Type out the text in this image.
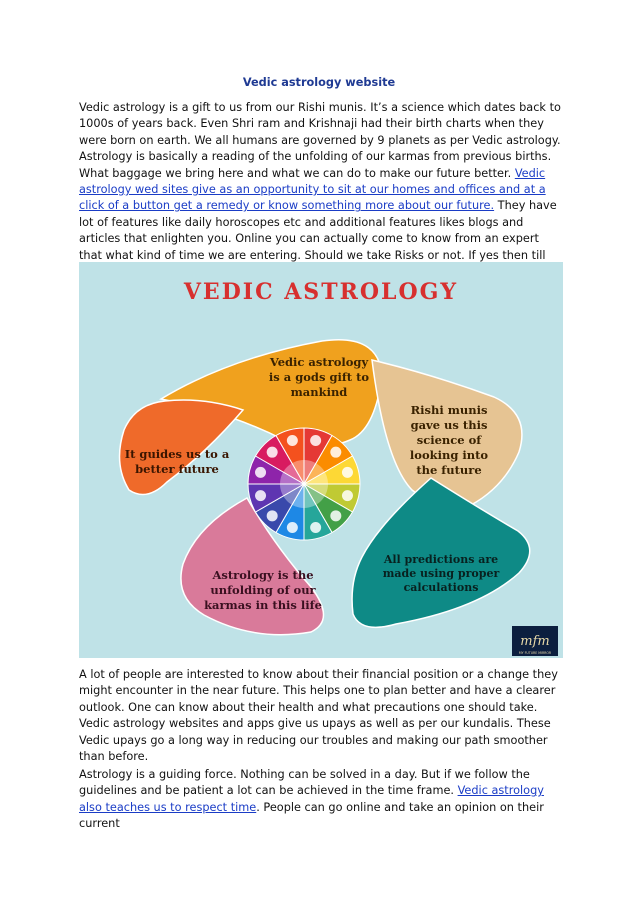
Vedic astrology website

Vedic astrology is a gift to us from our Rishi munis. It’s a science which dates back to 1000s of years back. Even Shri ram and Krishnaji had their birth charts when they were born on earth. We all humans are governed by 9 planets as per Vedic astrology. Astrology is basically a reading of the unfolding of our karmas from previous births. What baggage we bring here and what we can do to make our future better. Vedic astrology wed sites give as an opportunity to sit at our homes and offices and at a click of a button get a remedy or know something more about our future. They have lot of features like daily horoscopes etc and additional features likes blogs and articles that enlighten you. Online you can actually come to know from an expert that what kind of time we are entering. Should we take Risks or not. If yes then till

VEDIC ASTROLOGY
Vedic astrology
is a gods gift to
mankind
Rishi munis
gave us this
science of
looking into
the future
All predictions are
made using proper
calculations
Astrology is the
unfolding of our
karmas in this life
It guides us to a
better future
mfm
MY FUTURE MIRROR

A lot of people are interested to know about their financial position or a change they might encounter in the near future. This helps one to plan better and have a clearer outlook. One can know about their health and what precautions one should take. Vedic astrology websites and apps give us upays as well as per our kundalis. These Vedic upays go a long way in reducing our troubles and making our path smoother than before.

Astrology is a guiding force. Nothing can be solved in a day. But if we follow the guidelines and be patient a lot can be achieved in the time frame. Vedic astrology also teaches us to respect time. People can go online and take an opinion on their current
